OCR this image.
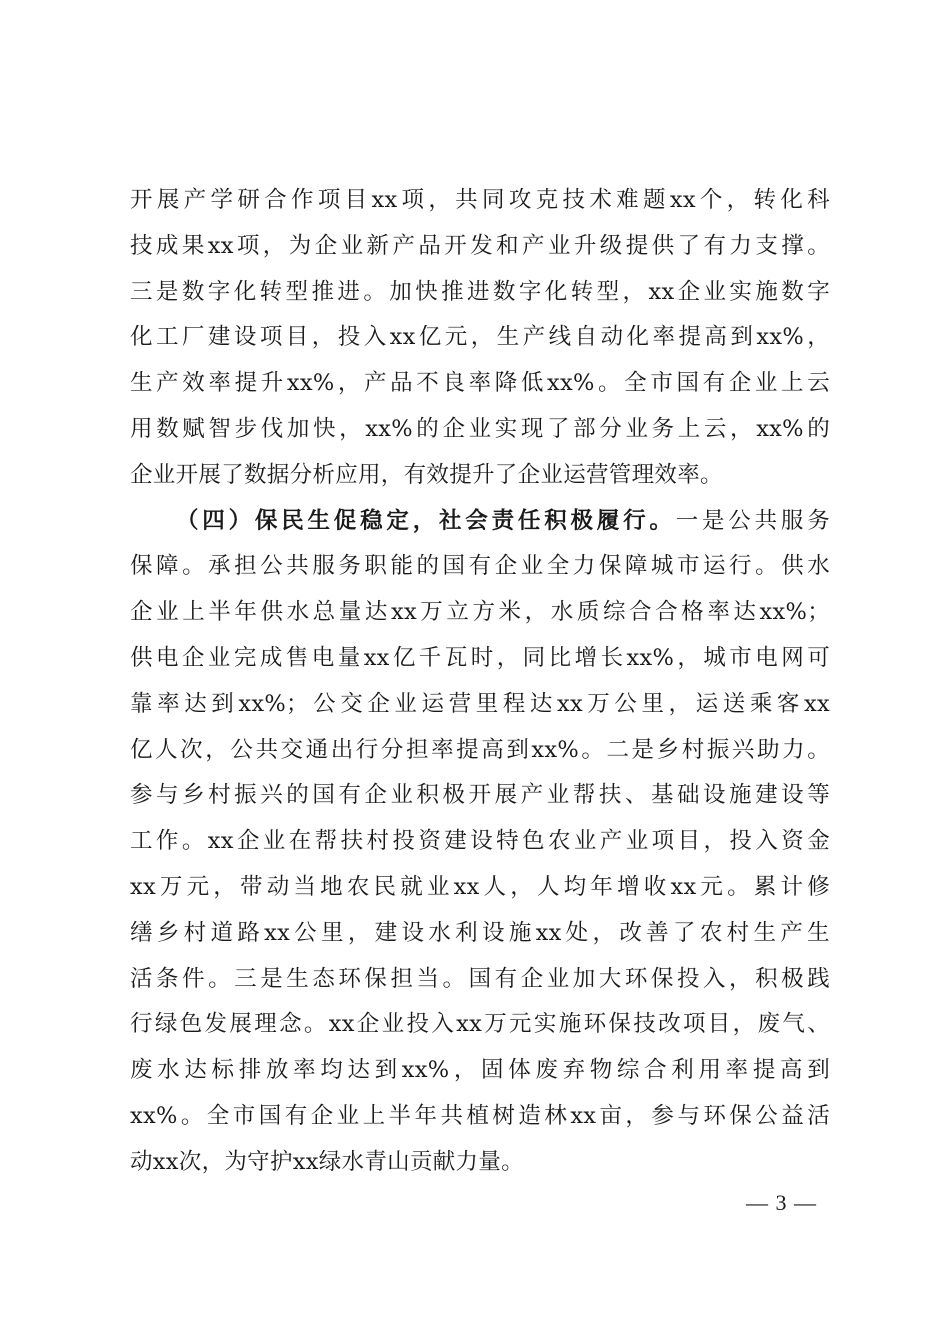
开展产学研合作项目xx项，共同攻克技术难题xx个，转化科
技成果xx项，为企业新产品开发和产业升级提供了有力支撑。
三是数字化转型推进。加快推进数字化转型，xx企业实施数字
化工厂建设项目，投入xx亿元，生产线自动化率提高到xx%，
生产效率提升xx%，产品不良率降低xx%。全市国有企业上云
用数赋智步伐加快，xx%的企业实现了部分业务上云，xx%的
企业开展了数据分析应用，有效提升了企业运营管理效率。
（四）保民生促稳定，社会责任积极履行。一是公共服务
保障。承担公共服务职能的国有企业全力保障城市运行。供水
企业上半年供水总量达xx万立方米，水质综合合格率达xx%；
供电企业完成售电量xx亿千瓦时，同比增长xx%，城市电网可
靠率达到xx%；公交企业运营里程达xx万公里，运送乘客xx
亿人次，公共交通出行分担率提高到xx%。二是乡村振兴助力。
参与乡村振兴的国有企业积极开展产业帮扶、基础设施建设等
工作。xx企业在帮扶村投资建设特色农业产业项目，投入资金
xx万元，带动当地农民就业xx人，人均年增收xx元。累计修
缮乡村道路xx公里，建设水利设施xx处，改善了农村生产生
活条件。三是生态环保担当。国有企业加大环保投入，积极践
行绿色发展理念。xx企业投入xx万元实施环保技改项目，废气、
废水达标排放率均达到xx%，固体废弃物综合利用率提高到
xx%。全市国有企业上半年共植树造林xx亩，参与环保公益活
动xx次，为守护xx绿水青山贡献力量。
— 3 —
